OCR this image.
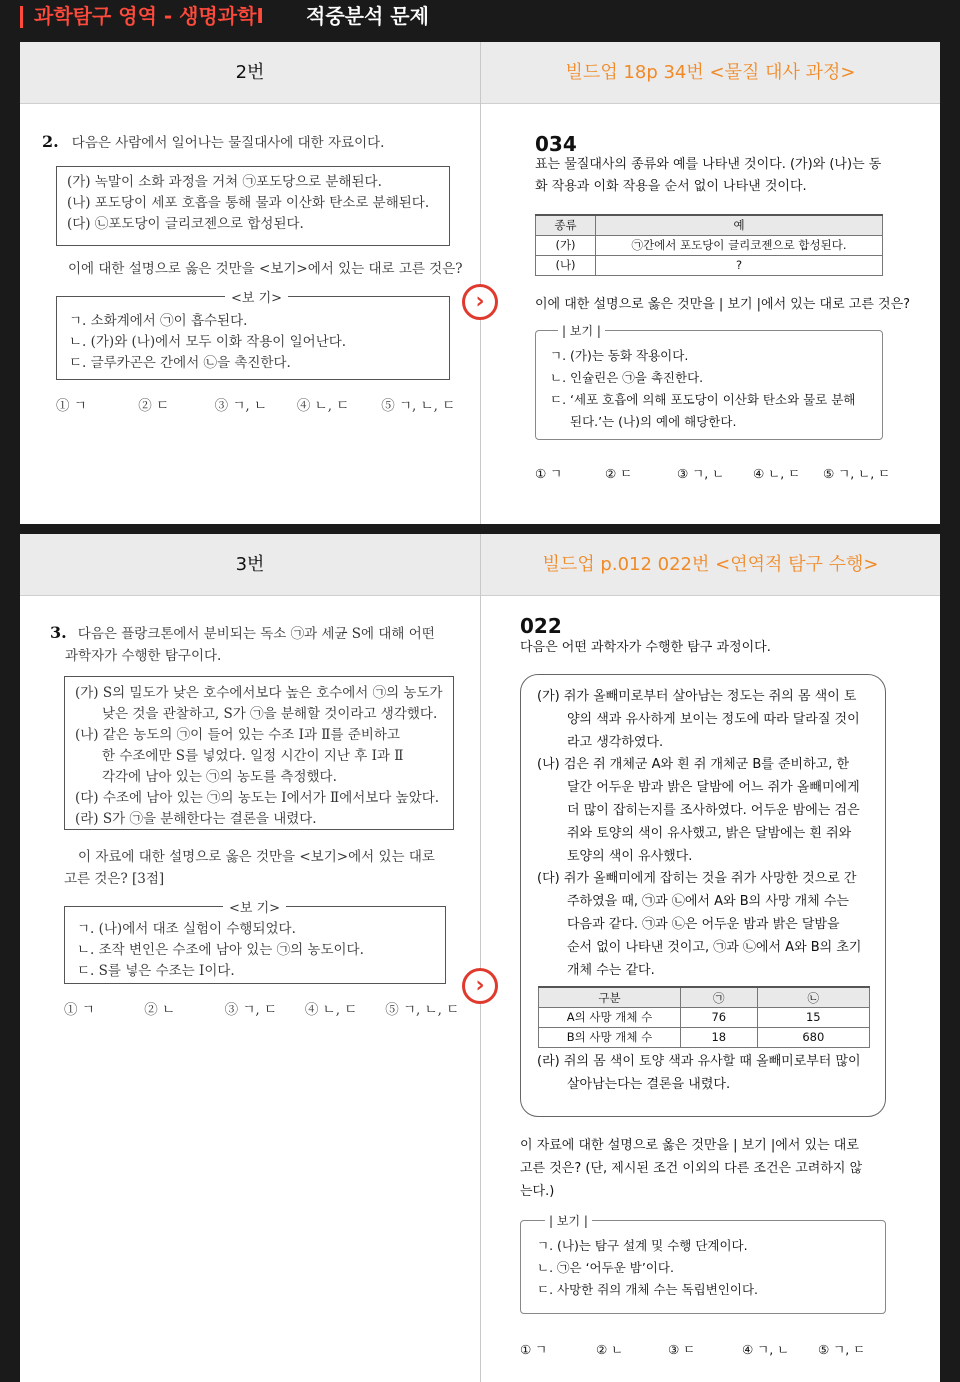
과학탐구 영역 - 생명과학Ⅰ 적중분석 문제
2번	빌드업 18p 34번 <물질 대사 과정>
2. 다음은 사람에서 일어나는 물질대사에 대한 자료이다.
(가) 녹말이 소화 과정을 거쳐 ㉠포도당으로 분해된다.
(나) 포도당이 세포 호흡을 통해 물과 이산화 탄소로 분해된다.
(다) ㉡포도당이 글리코젠으로 합성된다.
이에 대한 설명으로 옳은 것만을 <보기>에서 있는 대로 고른 것은?
<보 기>
ㄱ. 소화계에서 ㉠이 흡수된다.
ㄴ. (가)와 (나)에서 모두 이화 작용이 일어난다.
ㄷ. 글루카곤은 간에서 ㉡을 촉진한다.
① ㄱ	② ㄷ	③ ㄱ, ㄴ ④ ㄴ, ㄷ ⑤ ㄱ, ㄴ, ㄷ
034
표는 물질대사의 종류와 예를 나타낸 것이다. (가)와 (나)는 동
화 작용과 이화 작용을 순서 없이 나타낸 것이다.
종류	예
(가)	㉠간에서 포도당이 글리코젠으로 합성된다.
(나)	?
이에 대한 설명으로 옳은 것만을 | 보기 |에서 있는 대로 고른 것은?
| 보기 |
ㄱ. (가)는 동화 작용이다.
ㄴ. 인슐린은 ㉠을 촉진한다.
ㄷ. ‘세포 호흡에 의해 포도당이 이산화 탄소와 물로 분해
된다.’는 (나)의 예에 해당한다.
① ㄱ	② ㄷ	③ ㄱ, ㄴ ④ ㄴ, ㄷ ⑤ ㄱ, ㄴ, ㄷ
›
3번	빌드업 p.012 022번 <연역적 탐구 수행>
3. 다음은 플랑크톤에서 분비되는 독소 ㉠과 세균 S에 대해 어떤
과학자가 수행한 탐구이다.
(가) S의 밀도가 낮은 호수에서보다 높은 호수에서 ㉠의 농도가
낮은 것을 관찰하고, S가 ㉠을 분해할 것이라고 생각했다.
(나) 같은 농도의 ㉠이 들어 있는 수조 Ⅰ과 Ⅱ를 준비하고
한 수조에만 S를 넣었다. 일정 시간이 지난 후 Ⅰ과 Ⅱ
각각에 남아 있는 ㉠의 농도를 측정했다.
(다) 수조에 남아 있는 ㉠의 농도는 Ⅰ에서가 Ⅱ에서보다 높았다.
(라) S가 ㉠을 분해한다는 결론을 내렸다.
이 자료에 대한 설명으로 옳은 것만을 <보기>에서 있는 대로
고른 것은? [3점]
<보 기>
ㄱ. (나)에서 대조 실험이 수행되었다.
ㄴ. 조작 변인은 수조에 남아 있는 ㉠의 농도이다.
ㄷ. S를 넣은 수조는 Ⅰ이다.
① ㄱ	② ㄴ	③ ㄱ, ㄷ ④ ㄴ, ㄷ ⑤ ㄱ, ㄴ, ㄷ
022
다음은 어떤 과학자가 수행한 탐구 과정이다.
(가) 쥐가 올빼미로부터 살아남는 정도는 쥐의 몸 색이 토
양의 색과 유사하게 보이는 정도에 따라 달라질 것이
라고 생각하였다.
(나) 검은 쥐 개체군 A와 흰 쥐 개체군 B를 준비하고, 한
달간 어두운 밤과 밝은 달밤에 어느 쥐가 올빼미에게
더 많이 잡히는지를 조사하였다. 어두운 밤에는 검은
쥐와 토양의 색이 유사했고, 밝은 달밤에는 흰 쥐와
토양의 색이 유사했다.
(다) 쥐가 올빼미에게 잡히는 것을 쥐가 사망한 것으로 간
주하였을 때, ㉠과 ㉡에서 A와 B의 사망 개체 수는
다음과 같다. ㉠과 ㉡은 어두운 밤과 밝은 달밤을
순서 없이 나타낸 것이고, ㉠과 ㉡에서 A와 B의 초기
개체 수는 같다.
구분	㉠	㉡
A의 사망 개체 수	76	15
B의 사망 개체 수	18	680
(라) 쥐의 몸 색이 토양 색과 유사할 때 올빼미로부터 많이
살아남는다는 결론을 내렸다.
이 자료에 대한 설명으로 옳은 것만을 | 보기 |에서 있는 대로
고른 것은? (단, 제시된 조건 이외의 다른 조건은 고려하지 않
는다.)
| 보기 |
ㄱ. (나)는 탐구 설계 및 수행 단계이다.
ㄴ. ㉠은 ‘어두운 밤’이다.
ㄷ. 사망한 쥐의 개체 수는 독립변인이다.
① ㄱ	② ㄴ	③ ㄷ	④ ㄱ, ㄴ ⑤ ㄱ, ㄷ
›
